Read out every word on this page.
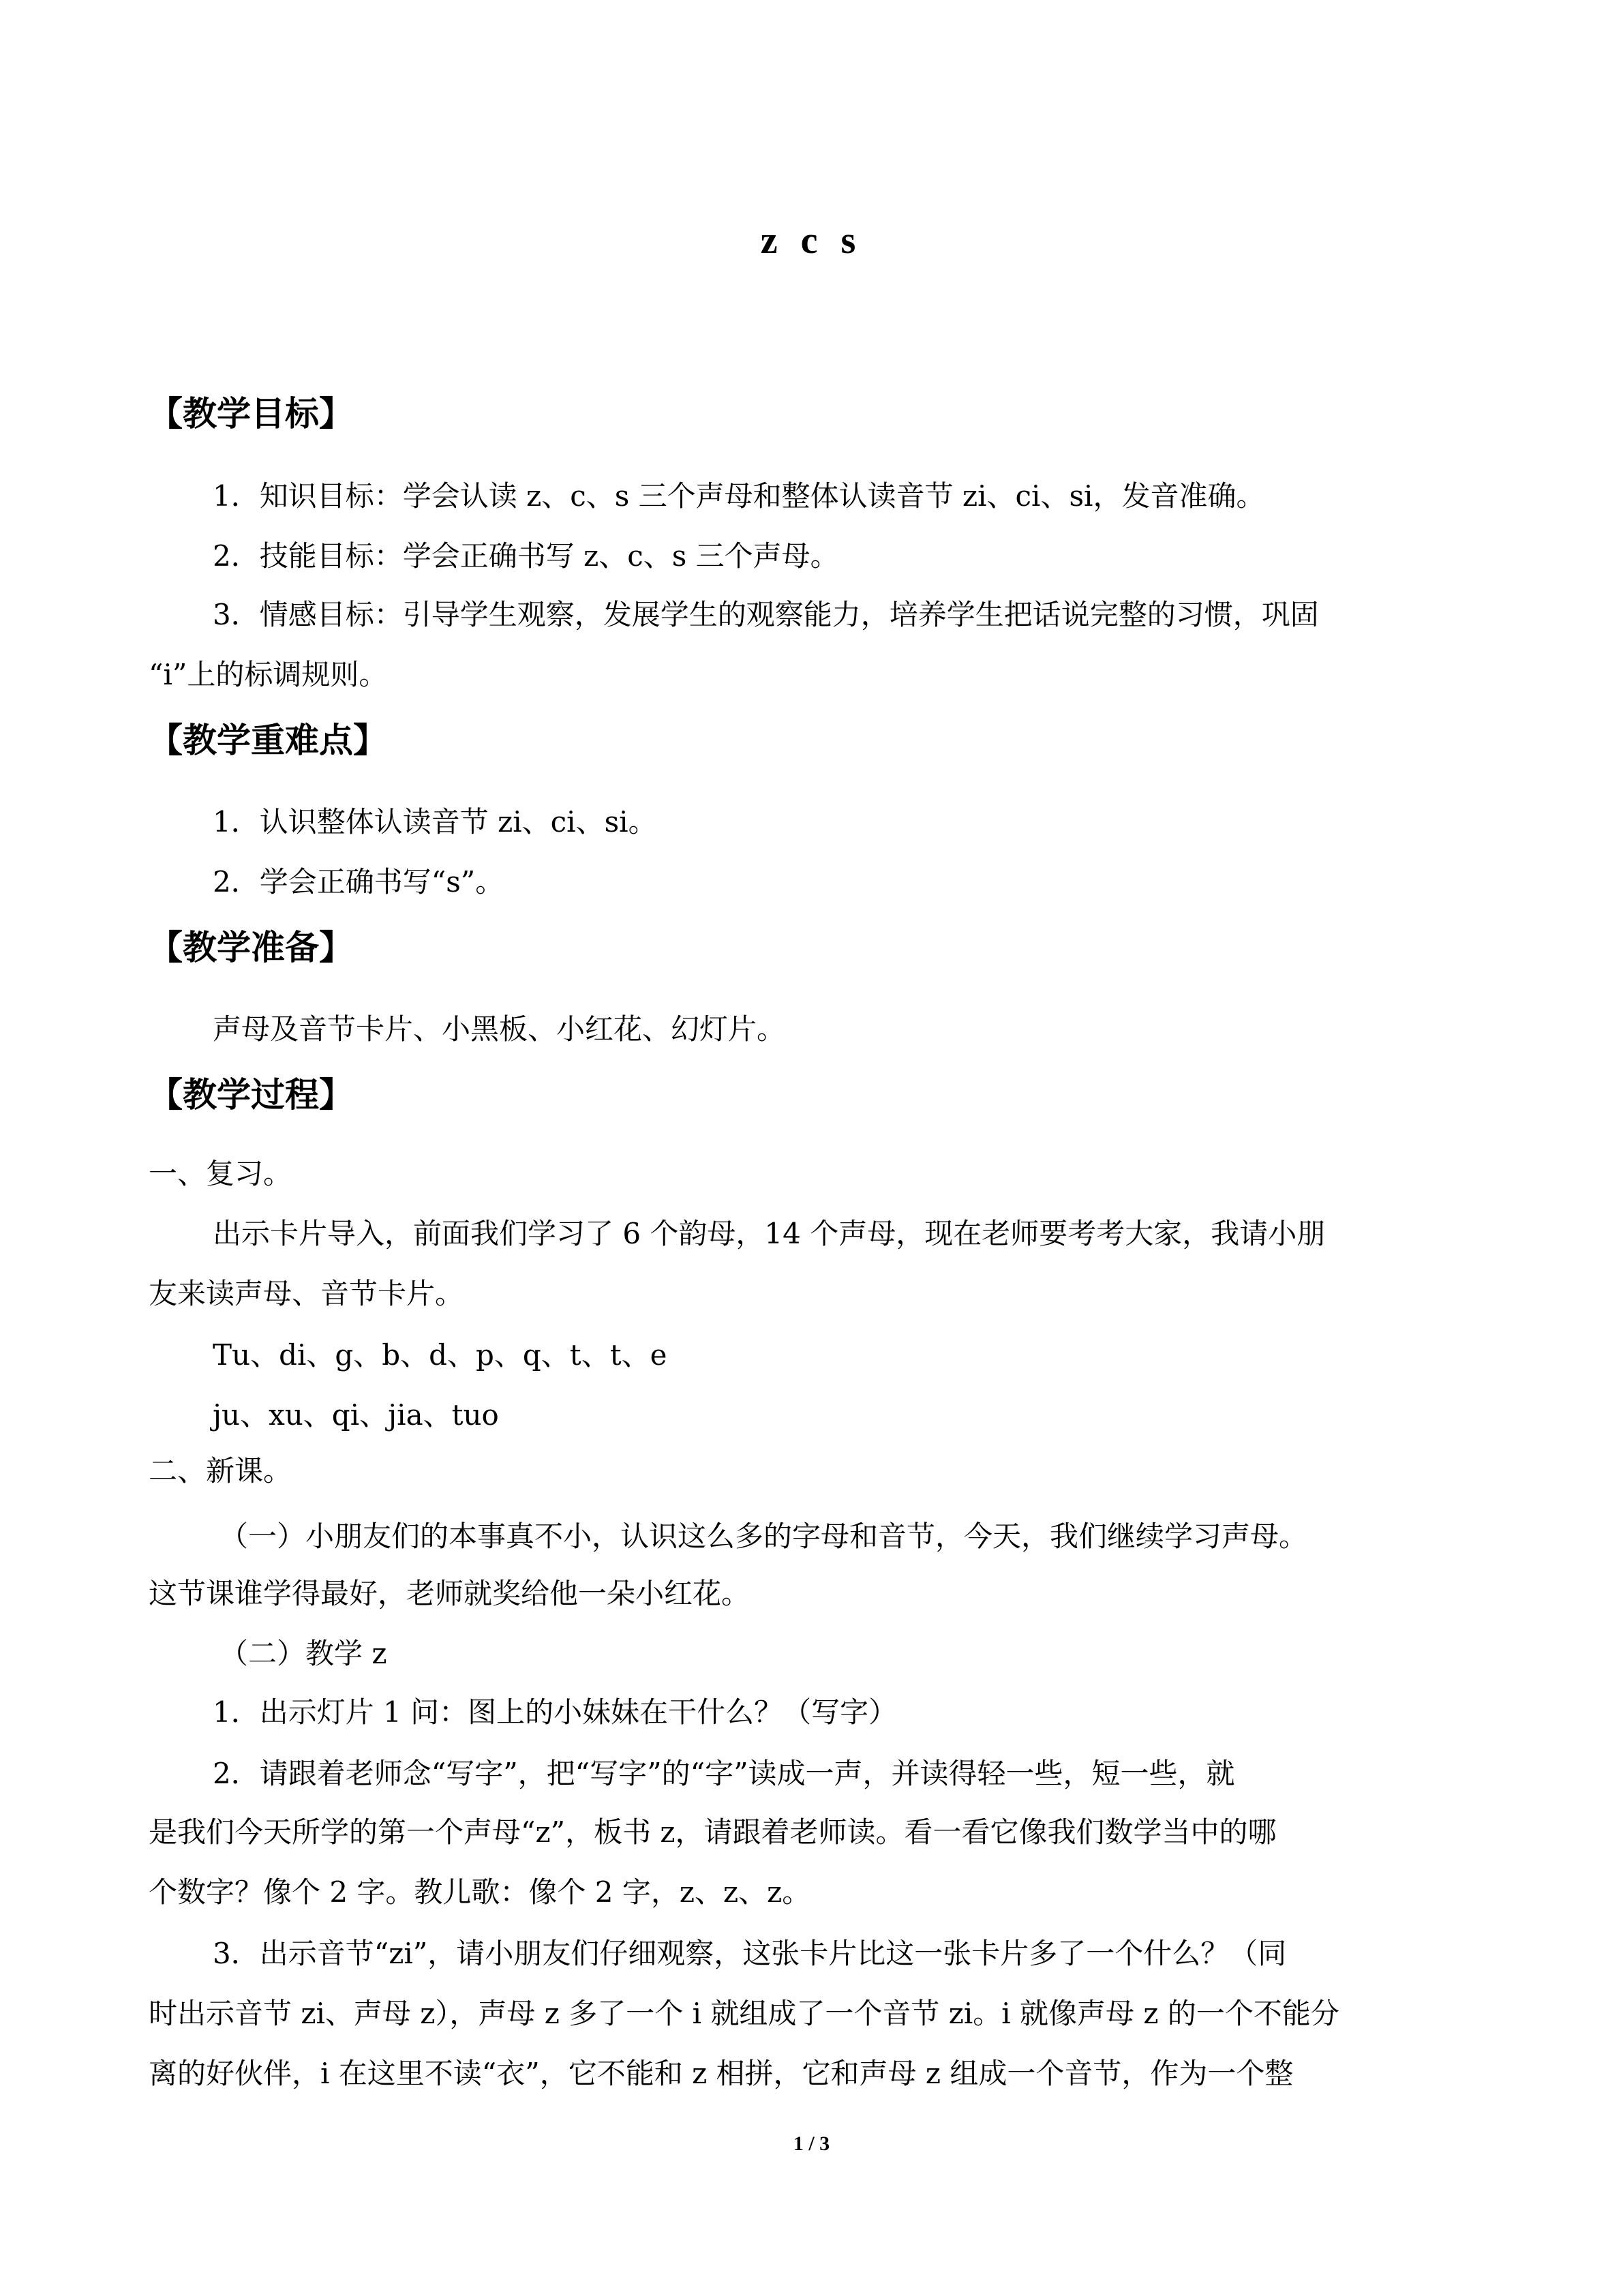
z c s
【教学目标】
1．知识目标：学会认读 z、c、s 三个声母和整体认读音节 zi、ci、si，发音准确。
2．技能目标：学会正确书写 z、c、s 三个声母。
3．情感目标：引导学生观察，发展学生的观察能力，培养学生把话说完整的习惯，巩固
“i”上的标调规则。
【教学重难点】
1．认识整体认读音节 zi、ci、si。
2．学会正确书写“s”。
【教学准备】
声母及音节卡片、小黑板、小红花、幻灯片。
【教学过程】
一、复习。
出示卡片导入，前面我们学习了 6 个韵母，14 个声母，现在老师要考考大家，我请小朋
友来读声母、音节卡片。
Tu、di、g、b、d、p、q、t、t、e
ju、xu、qi、jia、tuo
二、新课。
（一）小朋友们的本事真不小，认识这么多的字母和音节，今天，我们继续学习声母。
这节课谁学得最好，老师就奖给他一朵小红花。
（二）教学 z
1．出示灯片 1 问：图上的小妹妹在干什么？（写字）
2．请跟着老师念“写字”，把“写字”的“字”读成一声，并读得轻一些，短一些，就
是我们今天所学的第一个声母“z”，板书 z，请跟着老师读。看一看它像我们数学当中的哪
个数字？像个 2 字。教儿歌：像个 2 字，z、z、z。
3．出示音节“zi”，请小朋友们仔细观察，这张卡片比这一张卡片多了一个什么？（同
时出示音节 zi、声母 z），声母 z 多了一个 i 就组成了一个音节 zi。i 就像声母 z 的一个不能分
离的好伙伴，i 在这里不读“衣”，它不能和 z 相拼，它和声母 z 组成一个音节，作为一个整
1 / 3
